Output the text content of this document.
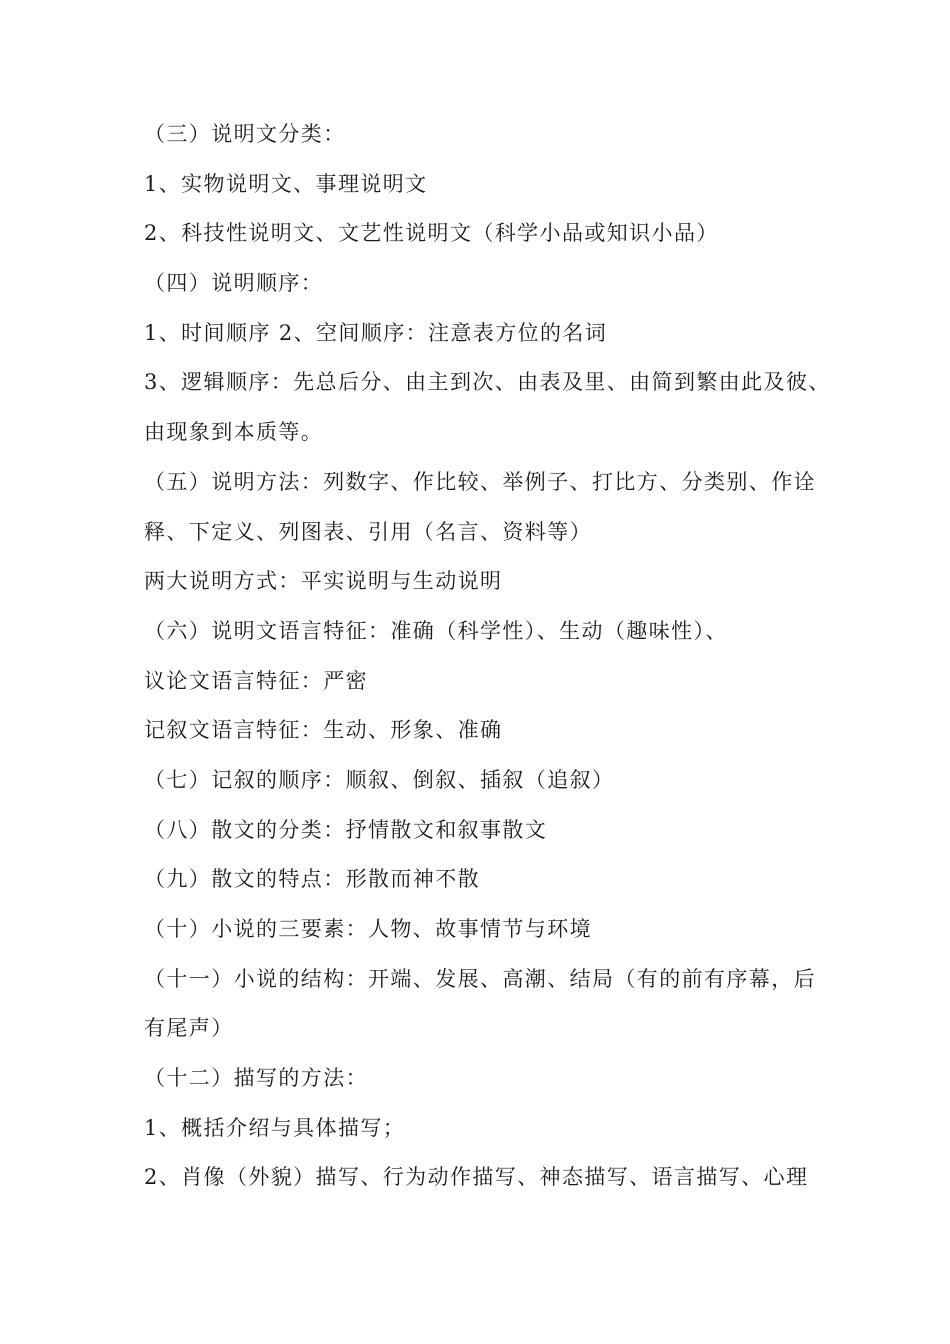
（三）说明文分类：
1、实物说明文、事理说明文
2、科技性说明文、文艺性说明文（科学小品或知识小品）
（四）说明顺序：
1、时间顺序 2、空间顺序：注意表方位的名词
3、逻辑顺序：先总后分、由主到次、由表及里、由简到繁由此及彼、
由现象到本质等。
（五）说明方法：列数字、作比较、举例子、打比方、分类别、作诠
释、下定义、列图表、引用（名言、资料等）
两大说明方式：平实说明与生动说明
（六）说明文语言特征：准确（科学性）、生动（趣味性）、
议论文语言特征：严密
记叙文语言特征：生动、形象、准确
（七）记叙的顺序：顺叙、倒叙、插叙（追叙）
（八）散文的分类：抒情散文和叙事散文
（九）散文的特点：形散而神不散
（十）小说的三要素：人物、故事情节与环境
（十一）小说的结构：开端、发展、高潮、结局（有的前有序幕，后
有尾声）
（十二）描写的方法：
1、概括介绍与具体描写；
2、肖像（外貌）描写、行为动作描写、神态描写、语言描写、心理
